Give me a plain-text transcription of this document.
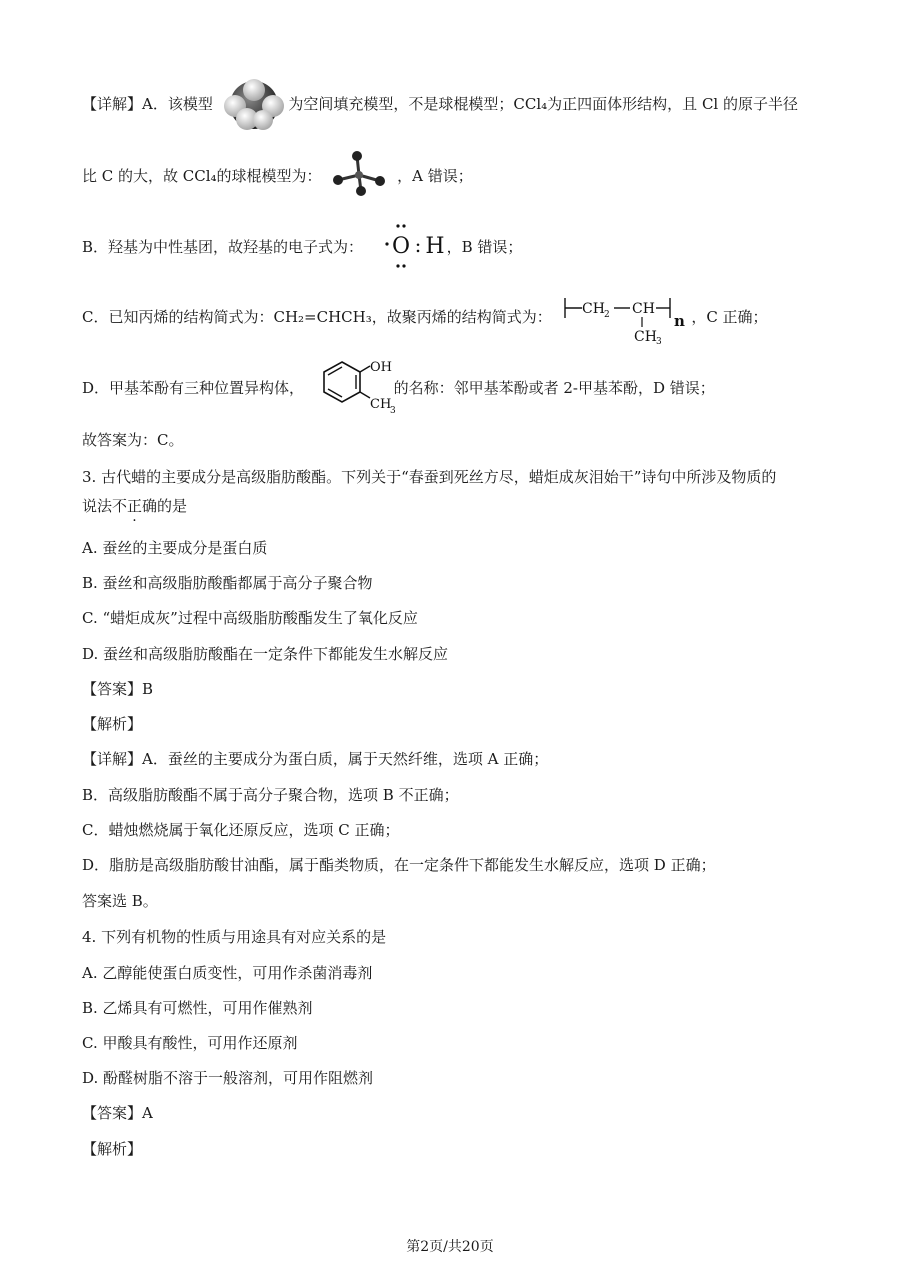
【详解】A．该模型	为空间填充模型，不是球棍模型；CCl₄为正四面体形结构，且 Cl 的原子半径
比 C 的大，故 CCl₄的球棍模型为：	，A 错误；
B．羟基为中性基团，故羟基的电子式为：	，B 错误；
O : H
C．已知丙烯的结构简式为：CH₂=CHCH₃，故聚丙烯的结构简式为：	，C 正确；
CH 2 CH
CH 3
n
D．甲基苯酚有三种位置异构体，	的名称：邻甲基苯酚或者 2-甲基苯酚，D 错误；
OH
CH
3
故答案为：C。
3. 古代蜡的主要成分是高级脂肪酸酯。下列关于“春蚕到死丝方尽，蜡炬成灰泪始干”诗句中所涉及物质的
说法不正确的是
A. 蚕丝的主要成分是蛋白质
B. 蚕丝和高级脂肪酸酯都属于高分子聚合物
C. “蜡炬成灰”过程中高级脂肪酸酯发生了氧化反应
D. 蚕丝和高级脂肪酸酯在一定条件下都能发生水解反应
【答案】B
【解析】
【详解】A．蚕丝的主要成分为蛋白质，属于天然纤维，选项 A 正确；
B．高级脂肪酸酯不属于高分子聚合物，选项 B 不正确；
C．蜡烛燃烧属于氧化还原反应，选项 C 正确；
D．脂肪是高级脂肪酸甘油酯，属于酯类物质，在一定条件下都能发生水解反应，选项 D 正确；
答案选 B。
4. 下列有机物的性质与用途具有对应关系的是
A. 乙醇能使蛋白质变性，可用作杀菌消毒剂
B. 乙烯具有可燃性，可用作催熟剂
C. 甲酸具有酸性，可用作还原剂
D. 酚醛树脂不溶于一般溶剂，可用作阻燃剂
【答案】A
【解析】
第2页/共20页
